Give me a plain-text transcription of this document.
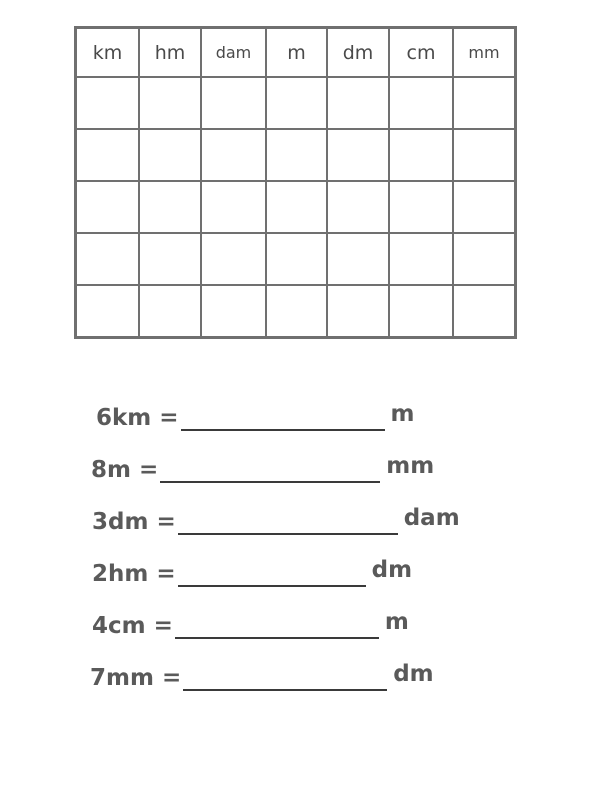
km	hm	dam	m	dm	cm	mm

6km =	m
8m =	mm
3dm =	dam
2hm =	dm
4cm =	m
7mm =	dm
